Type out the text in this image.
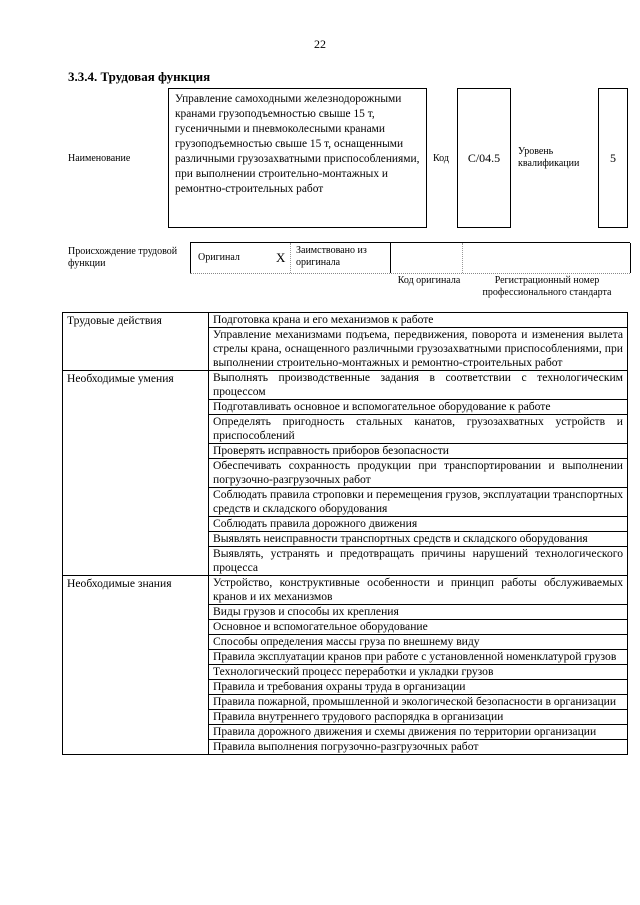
22
3.3.4. Трудовая функция
Наименование
Управление самоходными железнодорожными кранами грузоподъемностью свыше 15 т, гусеничными и пневмоколесными кранами грузоподъемностью свыше 15 т, оснащенными различными грузозахватными приспособлениями, при выполнении строительно-монтажных и ремонтно-строительных работ
Код	C/04.5	Уровень квалификации	5
Происхождение трудовой функции
Оригинал	X Заимствовано из оригинала
Код оригинала	Регистрационный номер профессионального стандарта
Трудовые действия	Подготовка крана и его механизмов к работе
	Управление механизмами подъема, передвижения, поворота и изменения вылета стрелы крана, оснащенного различными грузозахватными приспособлениями, при выполнении строительно-монтажных и ремонтно-строительных работ
Необходимые умения	Выполнять производственные задания в соответствии с технологическим процессом
	Подготавливать основное и вспомогательное оборудование к работе
	Определять пригодность стальных канатов, грузозахватных устройств и приспособлений
	Проверять исправность приборов безопасности
	Обеспечивать сохранность продукции при транспортировании и выполнении погрузочно-разгрузочных работ
	Соблюдать правила строповки и перемещения грузов, эксплуатации транспортных средств и складского оборудования
	Соблюдать правила дорожного движения
	Выявлять неисправности транспортных средств и складского оборудования
	Выявлять, устранять и предотвращать причины нарушений технологического процесса
Необходимые знания	Устройство, конструктивные особенности и принцип работы обслуживаемых кранов и их механизмов
	Виды грузов и способы их крепления
	Основное и вспомогательное оборудование
	Способы определения массы груза по внешнему виду
	Правила эксплуатации кранов при работе с установленной номенклатурой грузов
	Технологический процесс переработки и укладки грузов
	Правила и требования охраны труда в организации
	Правила пожарной, промышленной и экологической безопасности в организации
	Правила внутреннего трудового распорядка в организации
	Правила дорожного движения и схемы движения по территории организации
	Правила выполнения погрузочно-разгрузочных работ
